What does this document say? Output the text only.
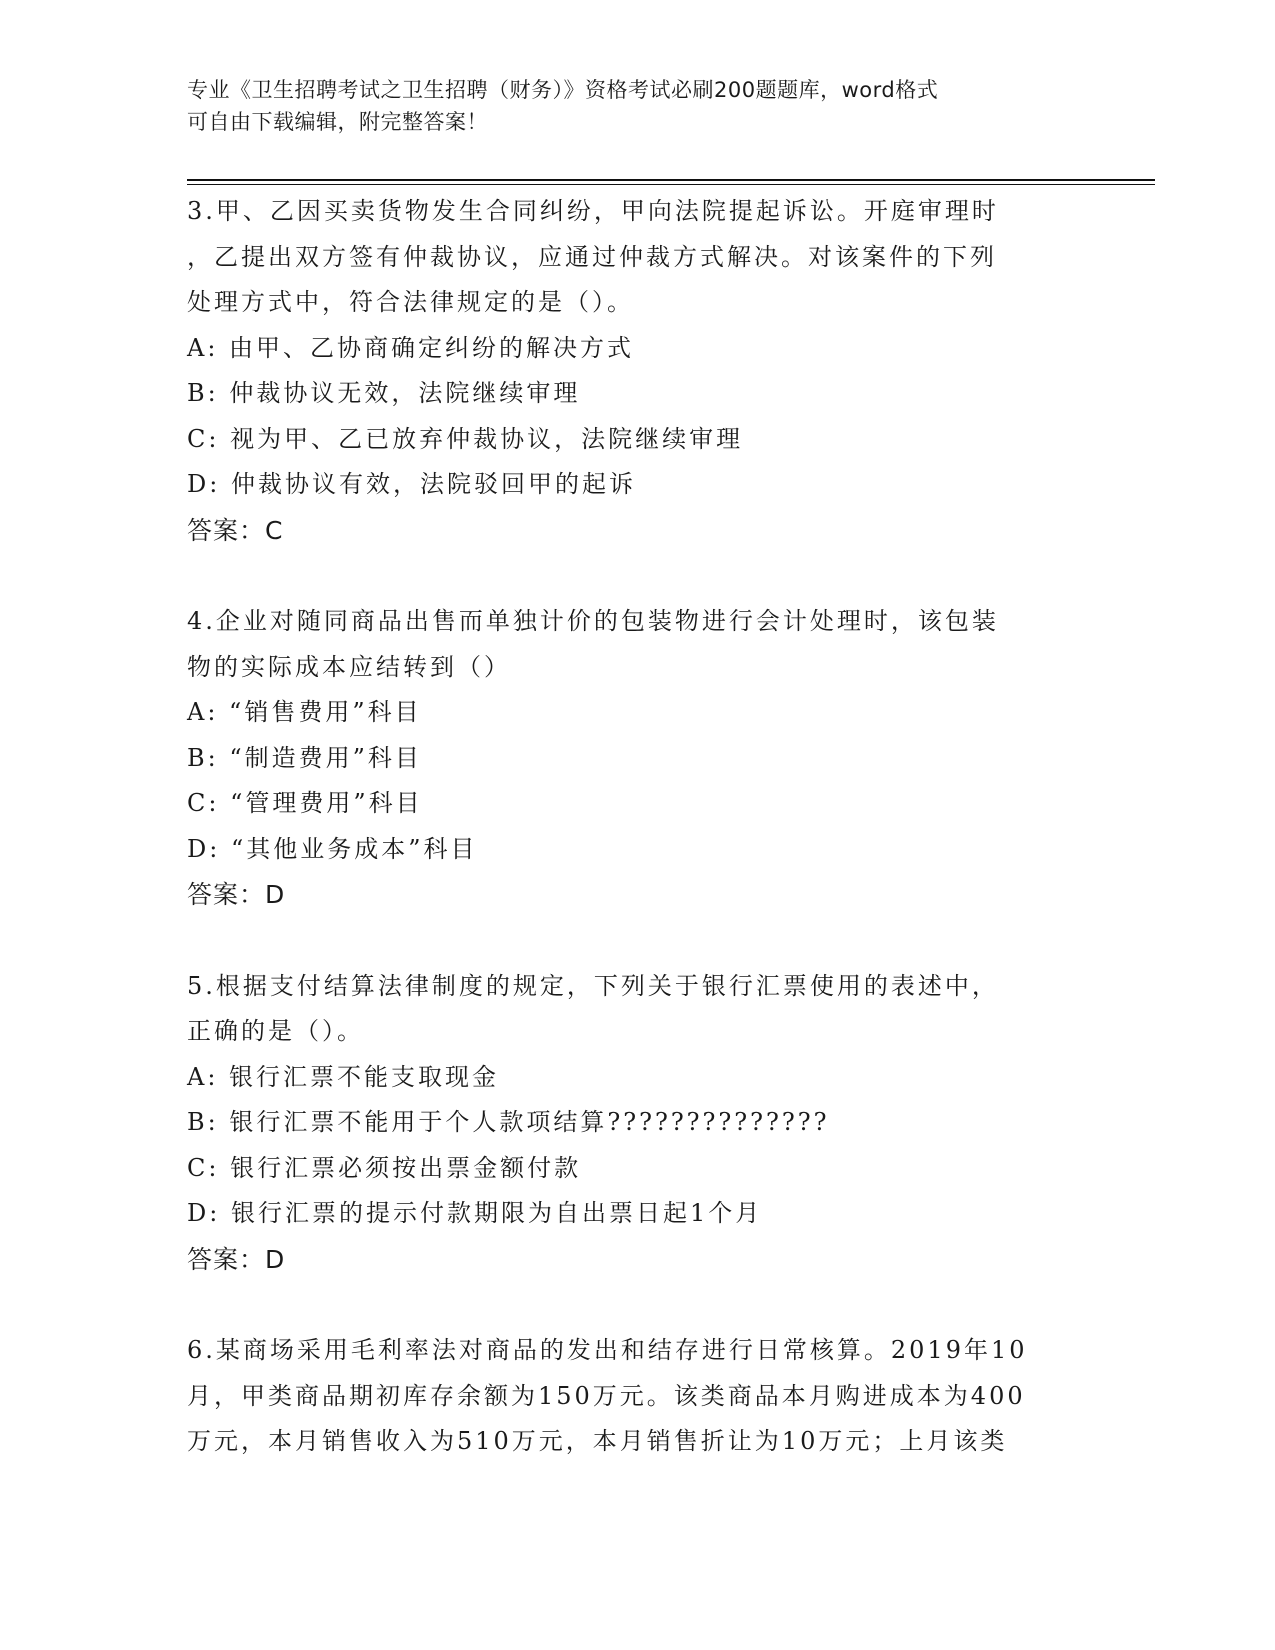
专业《卫生招聘考试之卫生招聘（财务）》资格考试必刷200题题库，word格式
可自由下载编辑，附完整答案！

3.甲、乙因买卖货物发生合同纠纷，甲向法院提起诉讼。开庭审理时

，乙提出双方签有仲裁协议，应通过仲裁方式解决。对该案件的下列

处理方式中，符合法律规定的是（）。

A: 由甲、乙协商确定纠纷的解决方式

B: 仲裁协议无效，法院继续审理

C: 视为甲、乙已放弃仲裁协议，法院继续审理

D: 仲裁协议有效，法院驳回甲的起诉

答案：C

4.企业对随同商品出售而单独计价的包装物进行会计处理时，该包装

物的实际成本应结转到（）

A: “销售费用”科目

B: “制造费用”科目

C: “管理费用”科目

D: “其他业务成本”科目

答案：D

5.根据支付结算法律制度的规定，下列关于银行汇票使用的表述中，

正确的是（）。

A: 银行汇票不能支取现金

B: 银行汇票不能用于个人款项结算??????????????

C: 银行汇票必须按出票金额付款

D: 银行汇票的提示付款期限为自出票日起1个月

答案：D

6.某商场采用毛利率法对商品的发出和结存进行日常核算。2019年10

月，甲类商品期初库存余额为150万元。该类商品本月购进成本为400

万元，本月销售收入为510万元，本月销售折让为10万元；上月该类
